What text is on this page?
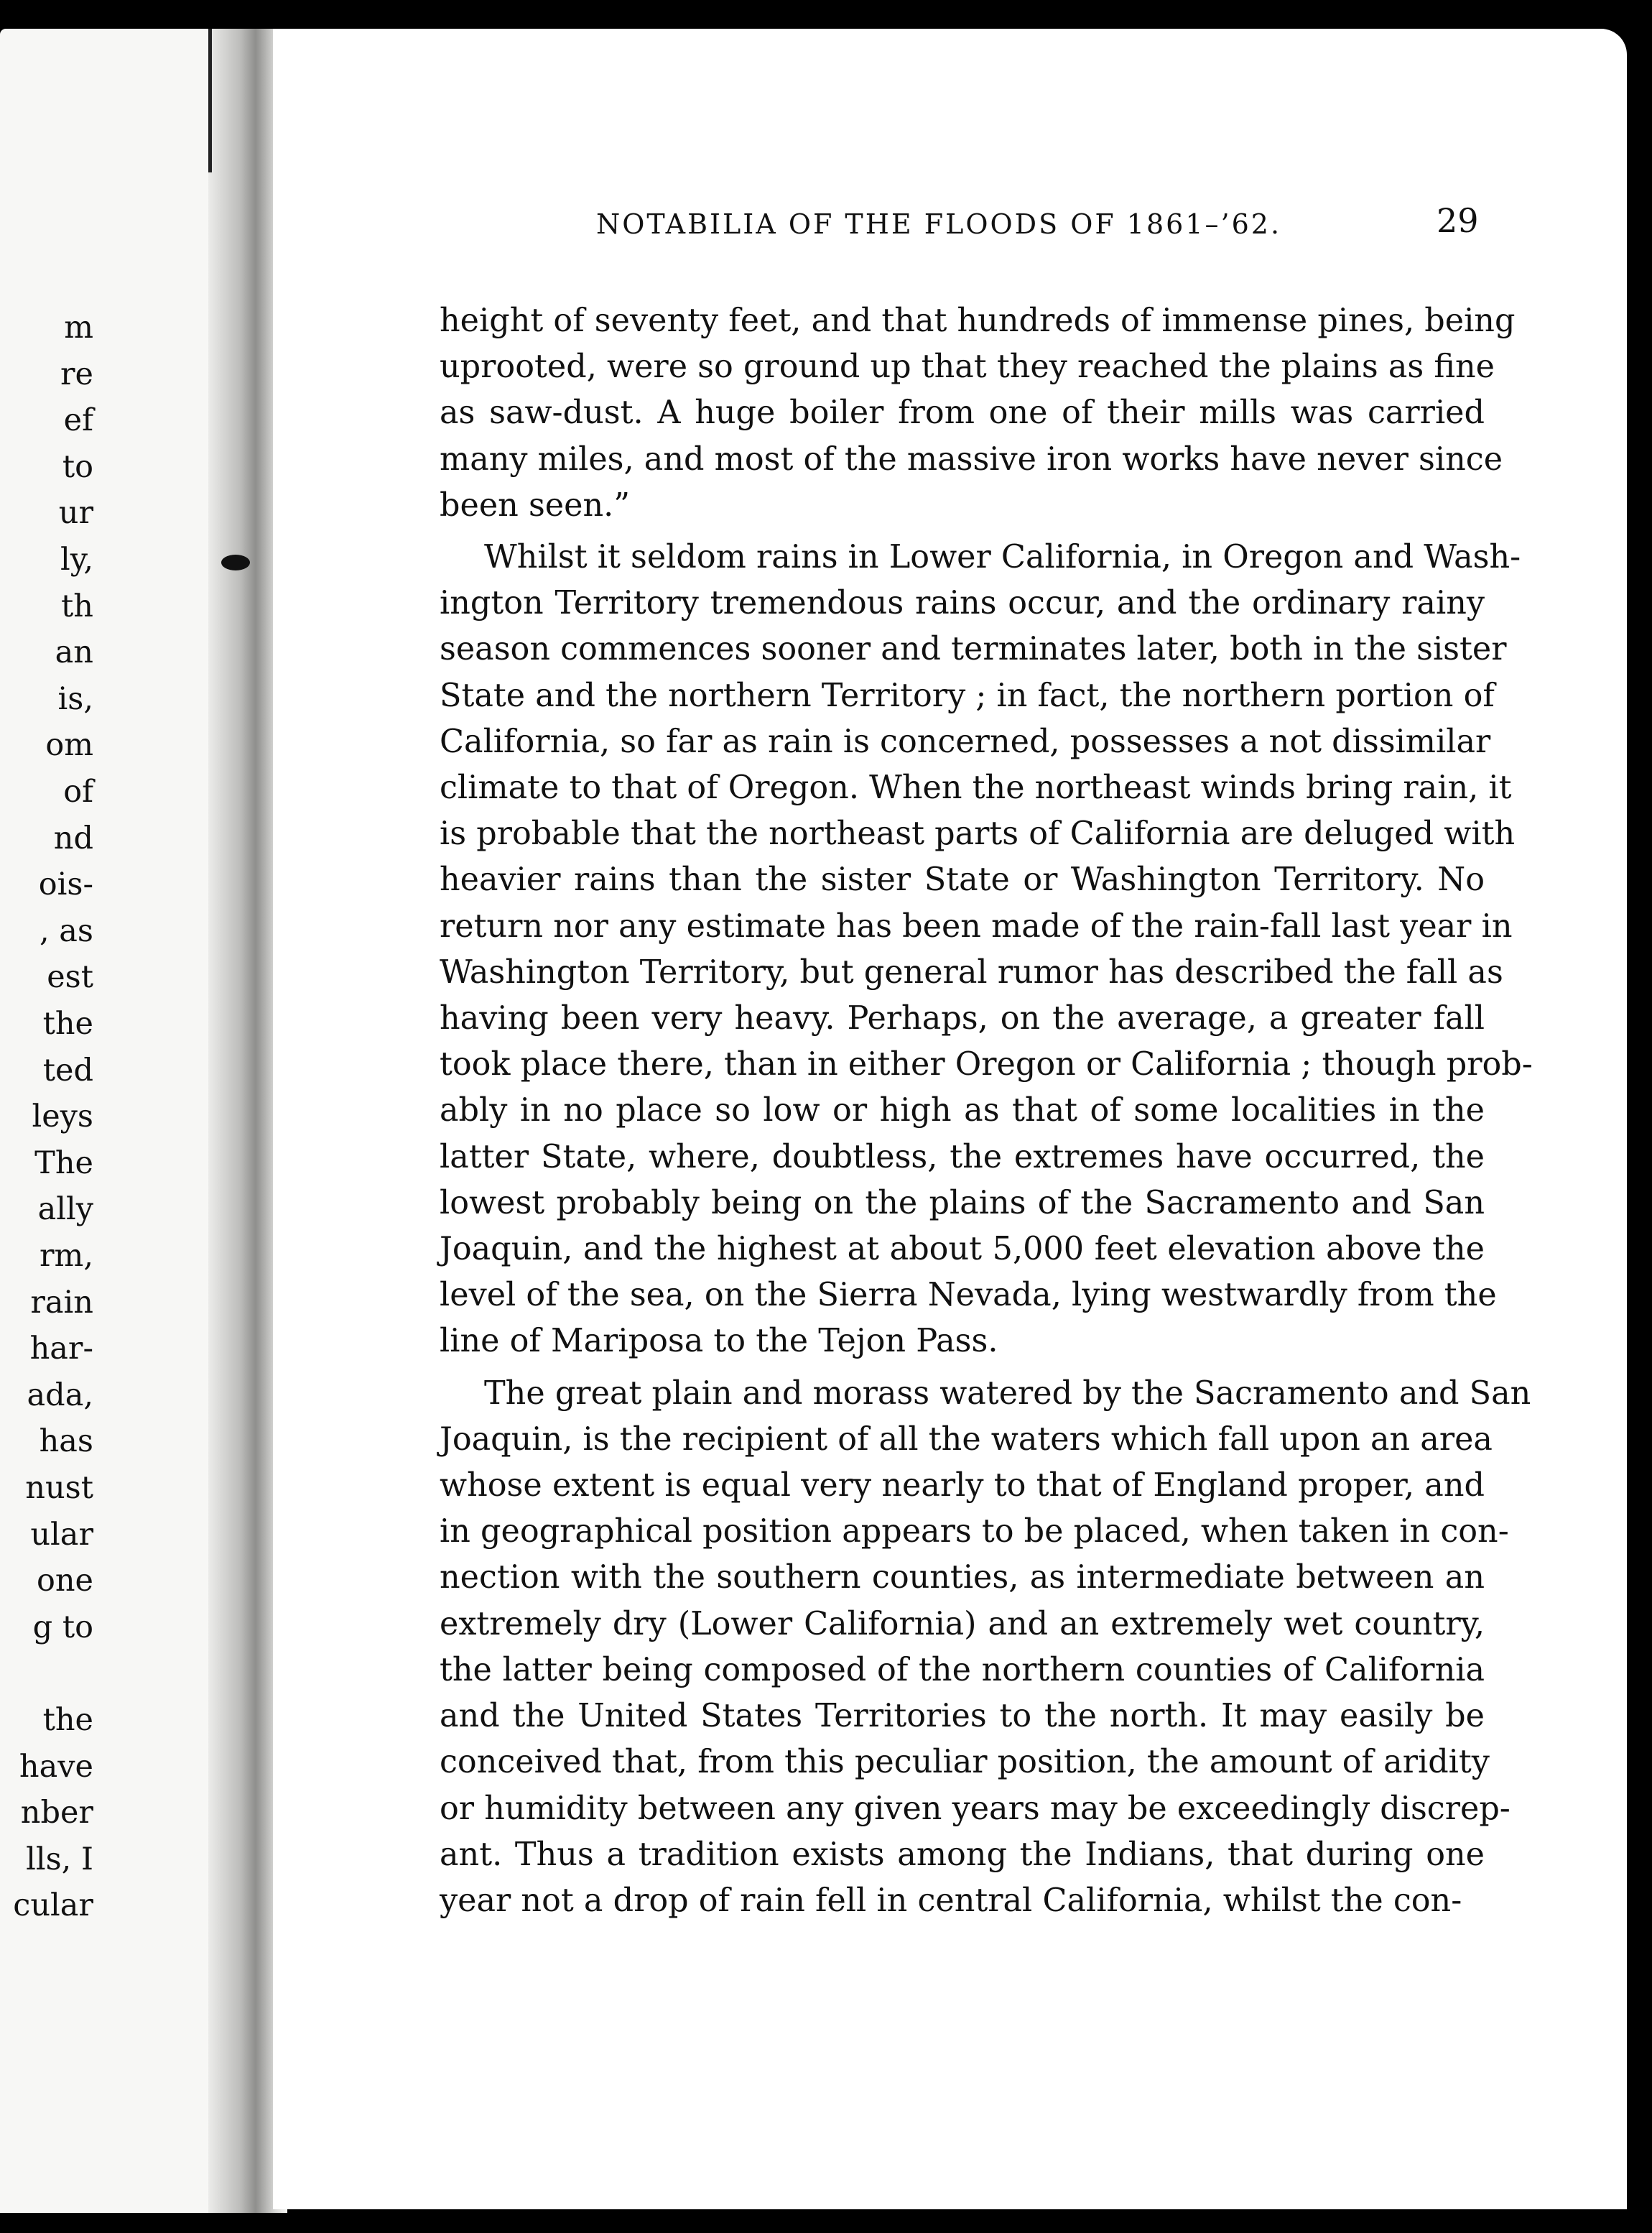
m
re
ef
to
ur
ly,
th
an
is,
om
of
nd
ois-
, as
est
the
ted
leys
The
ally
rm,
rain
har-
ada,
has
nust
ular
one
g to
the
have
nber
lls, I
cular
NOTABILIA OF THE FLOODS OF 1861–’62.	29
height of seventy feet, and that hundreds of immense pines, being
uprooted, were so ground up that they reached the plains as fine
as saw-dust. A huge boiler from one of their mills was carried
many miles, and most of the massive iron works have never since
been seen.”
Whilst it seldom rains in Lower California, in Oregon and Wash-
ington Territory tremendous rains occur, and the ordinary rainy
season commences sooner and terminates later, both in the sister
State and the northern Territory ; in fact, the northern portion of
California, so far as rain is concerned, possesses a not dissimilar
climate to that of Oregon. When the northeast winds bring rain, it
is probable that the northeast parts of California are deluged with
heavier rains than the sister State or Washington Territory. No
return nor any estimate has been made of the rain-fall last year in
Washington Territory, but general rumor has described the fall as
having been very heavy. Perhaps, on the average, a greater fall
took place there, than in either Oregon or California ; though prob-
ably in no place so low or high as that of some localities in the
latter State, where, doubtless, the extremes have occurred, the
lowest probably being on the plains of the Sacramento and San
Joaquin, and the highest at about 5,000 feet elevation above the
level of the sea, on the Sierra Nevada, lying westwardly from the
line of Mariposa to the Tejon Pass.
The great plain and morass watered by the Sacramento and San
Joaquin, is the recipient of all the waters which fall upon an area
whose extent is equal very nearly to that of England proper, and
in geographical position appears to be placed, when taken in con-
nection with the southern counties, as intermediate between an
extremely dry (Lower California) and an extremely wet country,
the latter being composed of the northern counties of California
and the United States Territories to the north. It may easily be
conceived that, from this peculiar position, the amount of aridity
or humidity between any given years may be exceedingly discrep-
ant. Thus a tradition exists among the Indians, that during one
year not a drop of rain fell in central California, whilst the con-
